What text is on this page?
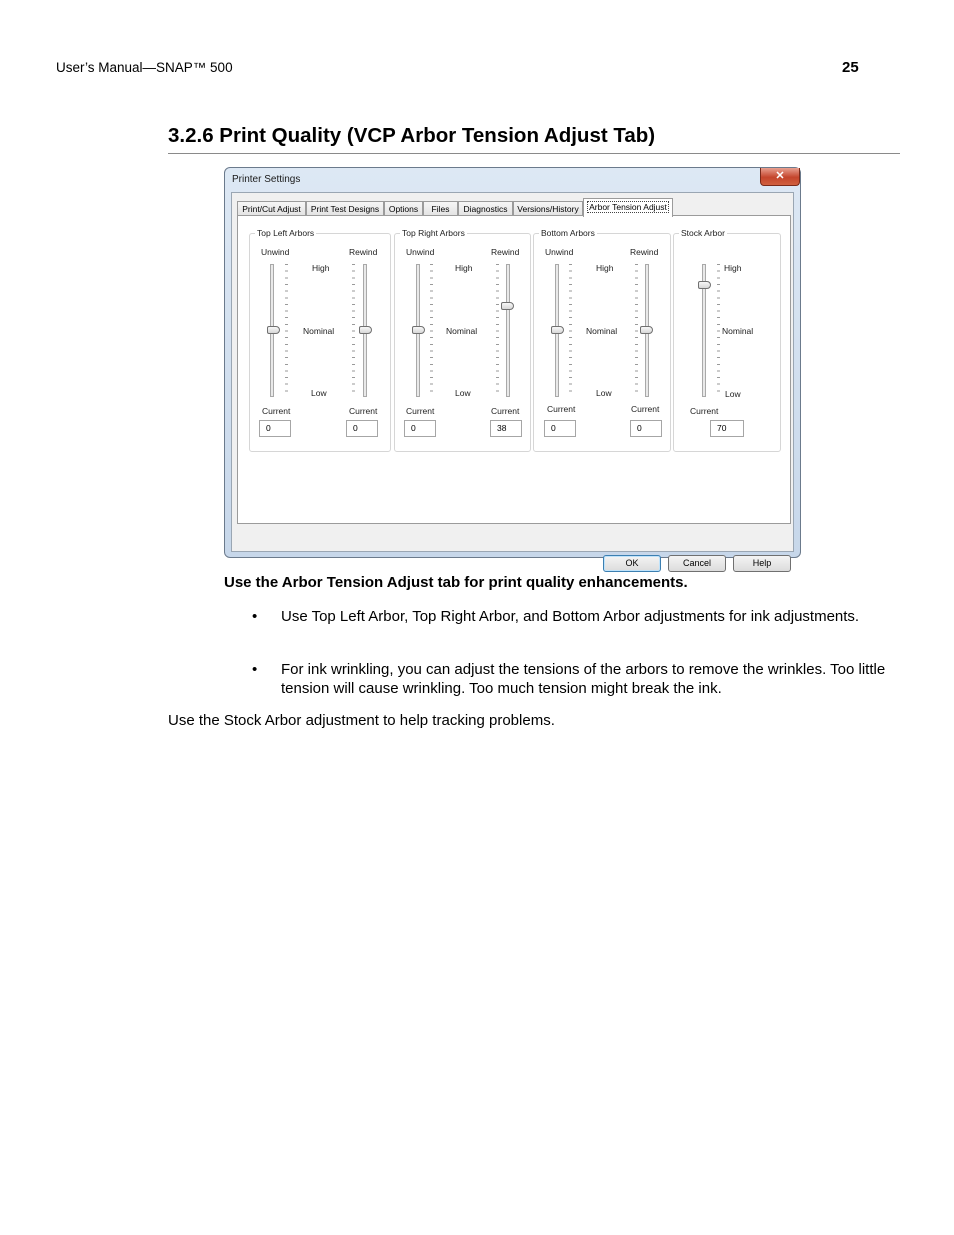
User’s Manual—SNAP™ 500	25
3.2.6 Print Quality (VCP Arbor Tension Adjust Tab)
Printer Settings	✕
Print/Cut Adjust	Print Test Designs	Options	Files	Diagnostics	Versions/History	Arbor Tension Adjust
Top Left Arbors
Unwind	Rewind
High
Nominal
Low
Current	Current
0	0
Top Right Arbors
Unwind	Rewind
High
Nominal
Low
Current	Current
0	38
Bottom Arbors
Unwind	Rewind
High
Nominal
Low
Current	Current
0	0
Stock Arbor
High
Nominal
Low
Current
70
OK	Cancel	Help
Use the Arbor Tension Adjust tab for print quality enhancements.
• Use Top Left Arbor, Top Right Arbor, and Bottom Arbor adjustments for ink adjustments.
• For ink wrinkling, you can adjust the tensions of the arbors to remove the wrinkles. Too little tension will cause wrinkling. Too much tension might break the ink.
Use the Stock Arbor adjustment to help tracking problems.
